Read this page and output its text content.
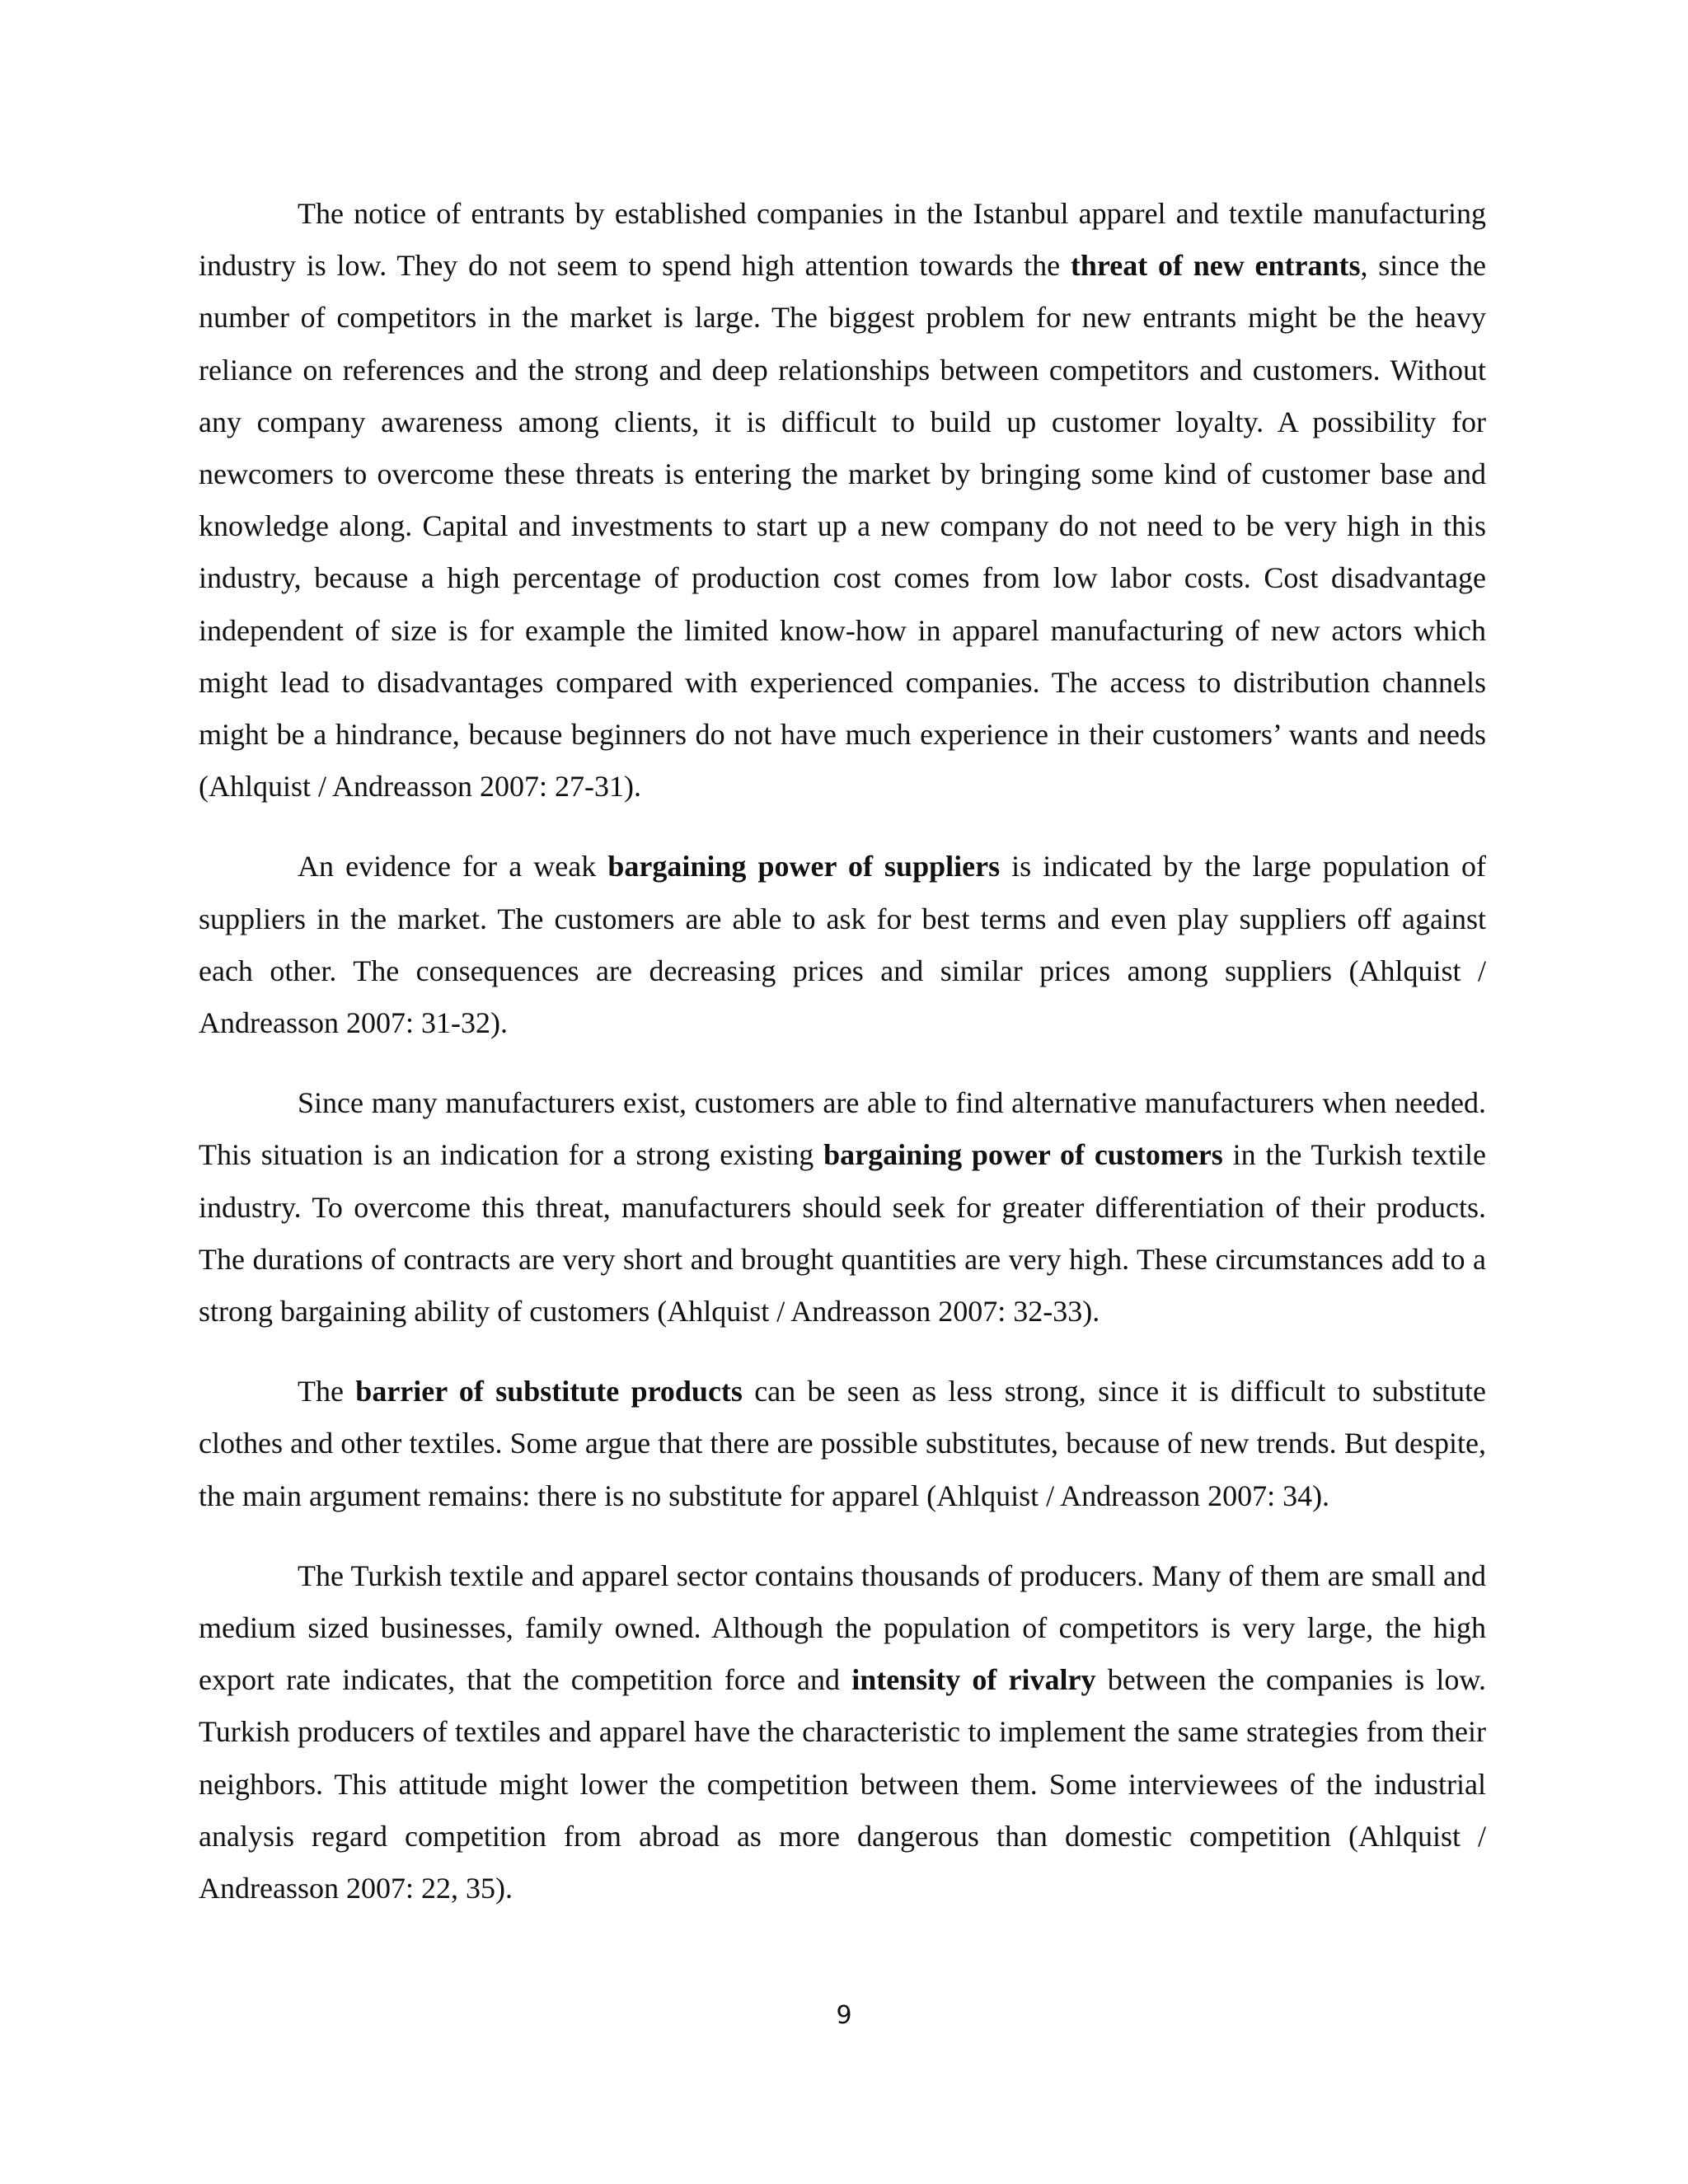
The notice of entrants by established companies in the Istanbul apparel and textile manufacturing industry is low. They do not seem to spend high attention towards the threat of new entrants, since the number of competitors in the market is large. The biggest problem for new entrants might be the heavy reliance on references and the strong and deep relationships between competitors and customers. Without any company awareness among clients, it is difficult to build up customer loyalty. A possibility for newcomers to overcome these threats is entering the market by bringing some kind of customer base and knowledge along. Capital and investments to start up a new company do not need to be very high in this industry, because a high percentage of production cost comes from low labor costs. Cost disadvantage independent of size is for example the limited know-how in apparel manufacturing of new actors which might lead to disadvantages compared with experienced companies. The access to distribution channels might be a hindrance, because beginners do not have much experience in their customers’ wants and needs (Ahlquist / Andreasson 2007: 27-31).

An evidence for a weak bargaining power of suppliers is indicated by the large population of suppliers in the market. The customers are able to ask for best terms and even play suppliers off against each other. The consequences are decreasing prices and similar prices among suppliers (Ahlquist / Andreasson 2007: 31-32).

Since many manufacturers exist, customers are able to find alternative manufacturers when needed. This situation is an indication for a strong existing bargaining power of customers in the Turkish textile industry. To overcome this threat, manufacturers should seek for greater differentiation of their products. The durations of contracts are very short and brought quantities are very high. These circumstances add to a strong bargaining ability of customers (Ahlquist / Andreasson 2007: 32-33).

The barrier of substitute products can be seen as less strong, since it is difficult to substitute clothes and other textiles. Some argue that there are possible substitutes, because of new trends. But despite, the main argument remains: there is no substitute for apparel (Ahlquist / Andreasson 2007: 34).

The Turkish textile and apparel sector contains thousands of producers. Many of them are small and medium sized businesses, family owned. Although the population of competitors is very large, the high export rate indicates, that the competition force and intensity of rivalry between the companies is low. Turkish producers of textiles and apparel have the characteristic to implement the same strategies from their neighbors. This attitude might lower the competition between them. Some interviewees of the industrial analysis regard competition from abroad as more dangerous than domestic competition (Ahlquist / Andreasson 2007: 22, 35).

9
